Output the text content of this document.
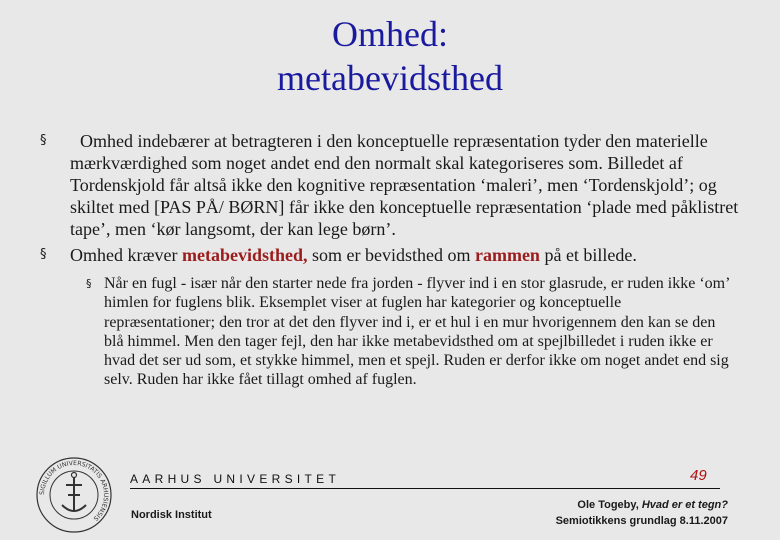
Omhed:
metabevidsthed
§ Omhed indebærer at betragteren i den konceptuelle repræsentation tyder den materielle mærkværdighed som noget andet end den normalt skal kategoriseres som. Billedet af Tordenskjold får altså ikke den kognitive repræsentation ‘maleri’, men ‘Tordenskjold’; og skiltet med [PAS PÅ/ BØRN] får ikke den konceptuelle repræsentation ‘plade med påklistret tape’, men ‘kør langsomt, der kan lege børn’.
§ Omhed kræver metabevidsthed, som er bevidsthed om rammen på et billede.
§ Når en fugl - især når den starter nede fra jorden - flyver ind i en stor glasrude, er ruden ikke ‘om’ himlen for fuglens blik. Eksemplet viser at fuglen har kategorier og konceptuelle repræsentationer; den tror at det den flyver ind i, er et hul i en mur hvorigennem den kan se den blå himmel. Men den tager fejl, den har ikke metabevidsthed om at spejlbilledet i ruden ikke er hvad det ser ud som, et stykke himmel, men et spejl. Ruden er derfor ikke om noget andet end sig selv. Ruden har ikke fået tillagt omhed af fuglen.
SIGILLUM UNIVERSITATIS ARHUSIENSIS
AARHUS UNIVERSITET	49
Nordisk Institut
Ole Togeby, Hvad er et tegn?
Semiotikkens grundlag 8.11.2007
